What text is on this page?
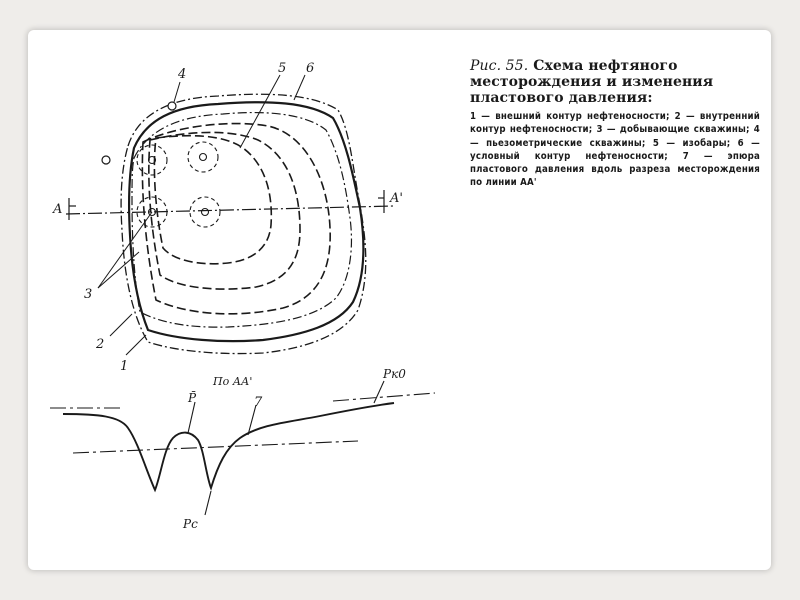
4	5 6
3
2
1
A
A'
По АА'
P̄	7
Pк0
Pс

Рис. 55. Схема нефтяного месторождения и изменения пластового давления:

1 — внешний контур нефтеносности; 2 — внутренний контур нефтеносности; 3 — добывающие скважины; 4 — пьезометрические скважины; 5 — изобары; 6 — условный контур нефтеносности; 7 — эпюра пластового давления вдоль разреза месторождения по линии AA'
